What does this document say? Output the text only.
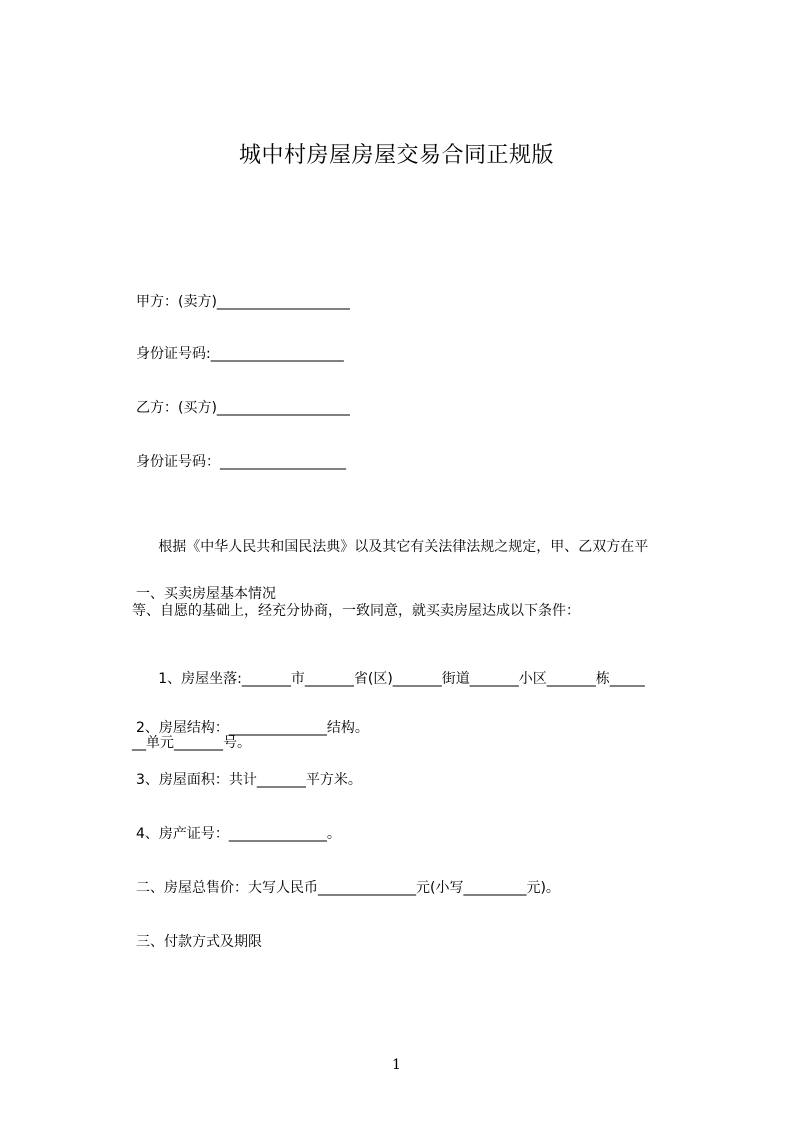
城中村房屋房屋交易合同正规版
甲方：(卖方)___________________
身份证号码:___________________
乙方：(买方)___________________
身份证号码：__________________

根据《中华人民共和国民法典》以及其它有关法律法规之规定，甲、乙双方在平

等、自愿的基础上，经充分协商，一致同意，就买卖房屋达成以下条件：

一、买卖房屋基本情况

1、房屋坐落:_______市_______省(区)_______街道_______小区_______栋_____

__单元_______号。

2、房屋结构：______________结构。
3、房屋面积：共计_______平方米。
4、房产证号：______________。
二、房屋总售价：大写人民币______________元(小写_________元)。
三、付款方式及期限
1
